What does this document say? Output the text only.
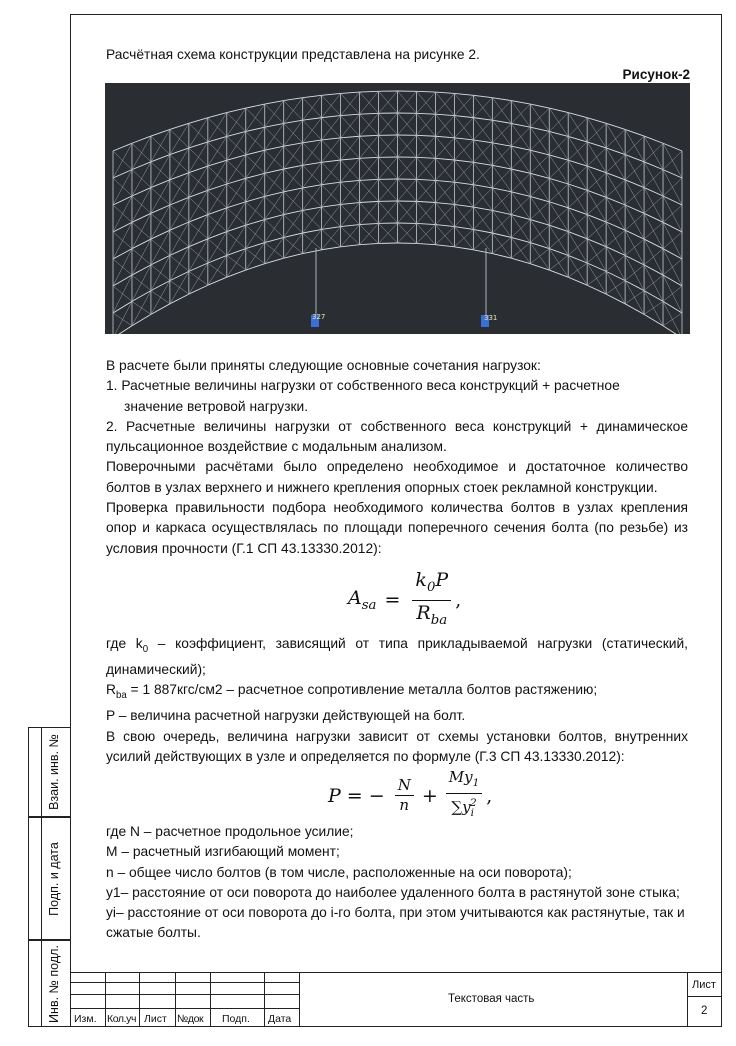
Взаи. инв. №
Подп. и дата
Инв. № подл.
Расчётная схема конструкции представлена на рисунке 2.
Рисунок-2
327	331

В расчете были приняты следующие основные сочетания нагрузок:

1. Расчетные величины нагрузки от собственного веса конструкций + расчетное

значение ветровой нагрузки.

2. Расчетные величины нагрузки от собственного веса конструкций + динамическое пульсационное воздействие с модальным анализом.

Поверочными расчётами было определено необходимое и достаточное количество болтов в узлах верхнего и нижнего крепления опорных стоек рекламной конструкции.

Проверка правильности подбора необходимого количества болтов в узлах крепления опор и каркаса осуществлялась по площади поперечного сечения болта (по резьбе) из условия прочности (Г.1 СП 43.13330.2012):

$A_{sa} = \frac{k_0P}{R_{ba}}$ ,

где $k_0$ – коэффициент, зависящий от типа прикладываемой нагрузки (статический, динамический);

$R_{ba} = 1$ 887кгс/см2 – расчетное сопротивление металла болтов растяжению;

P – величина расчетной нагрузки действующей на болт.

В свою очередь, величина нагрузки зависит от схемы установки болтов, внутренних усилий действующих в узле и определяется по формуле (Г.3 СП 43.13330.2012):

P = − $\frac{N}{n} + \frac{My_1}{\sum y_i^2}$ ,

где N – расчетное продольное усилие;

M – расчетный изгибающий момент;

n – общее число болтов (в том числе, расположенные на оси поворота);

y1– расстояние от оси поворота до наиболее удаленного болта в растянутой зоне стыка;

yi– расстояние от оси поворота до i-го болта, при этом учитываются как растянутые, так и сжатые болты.

Изм. Кол.уч Лист №док Подп. Дата
Текстовая часть
Лист
2
